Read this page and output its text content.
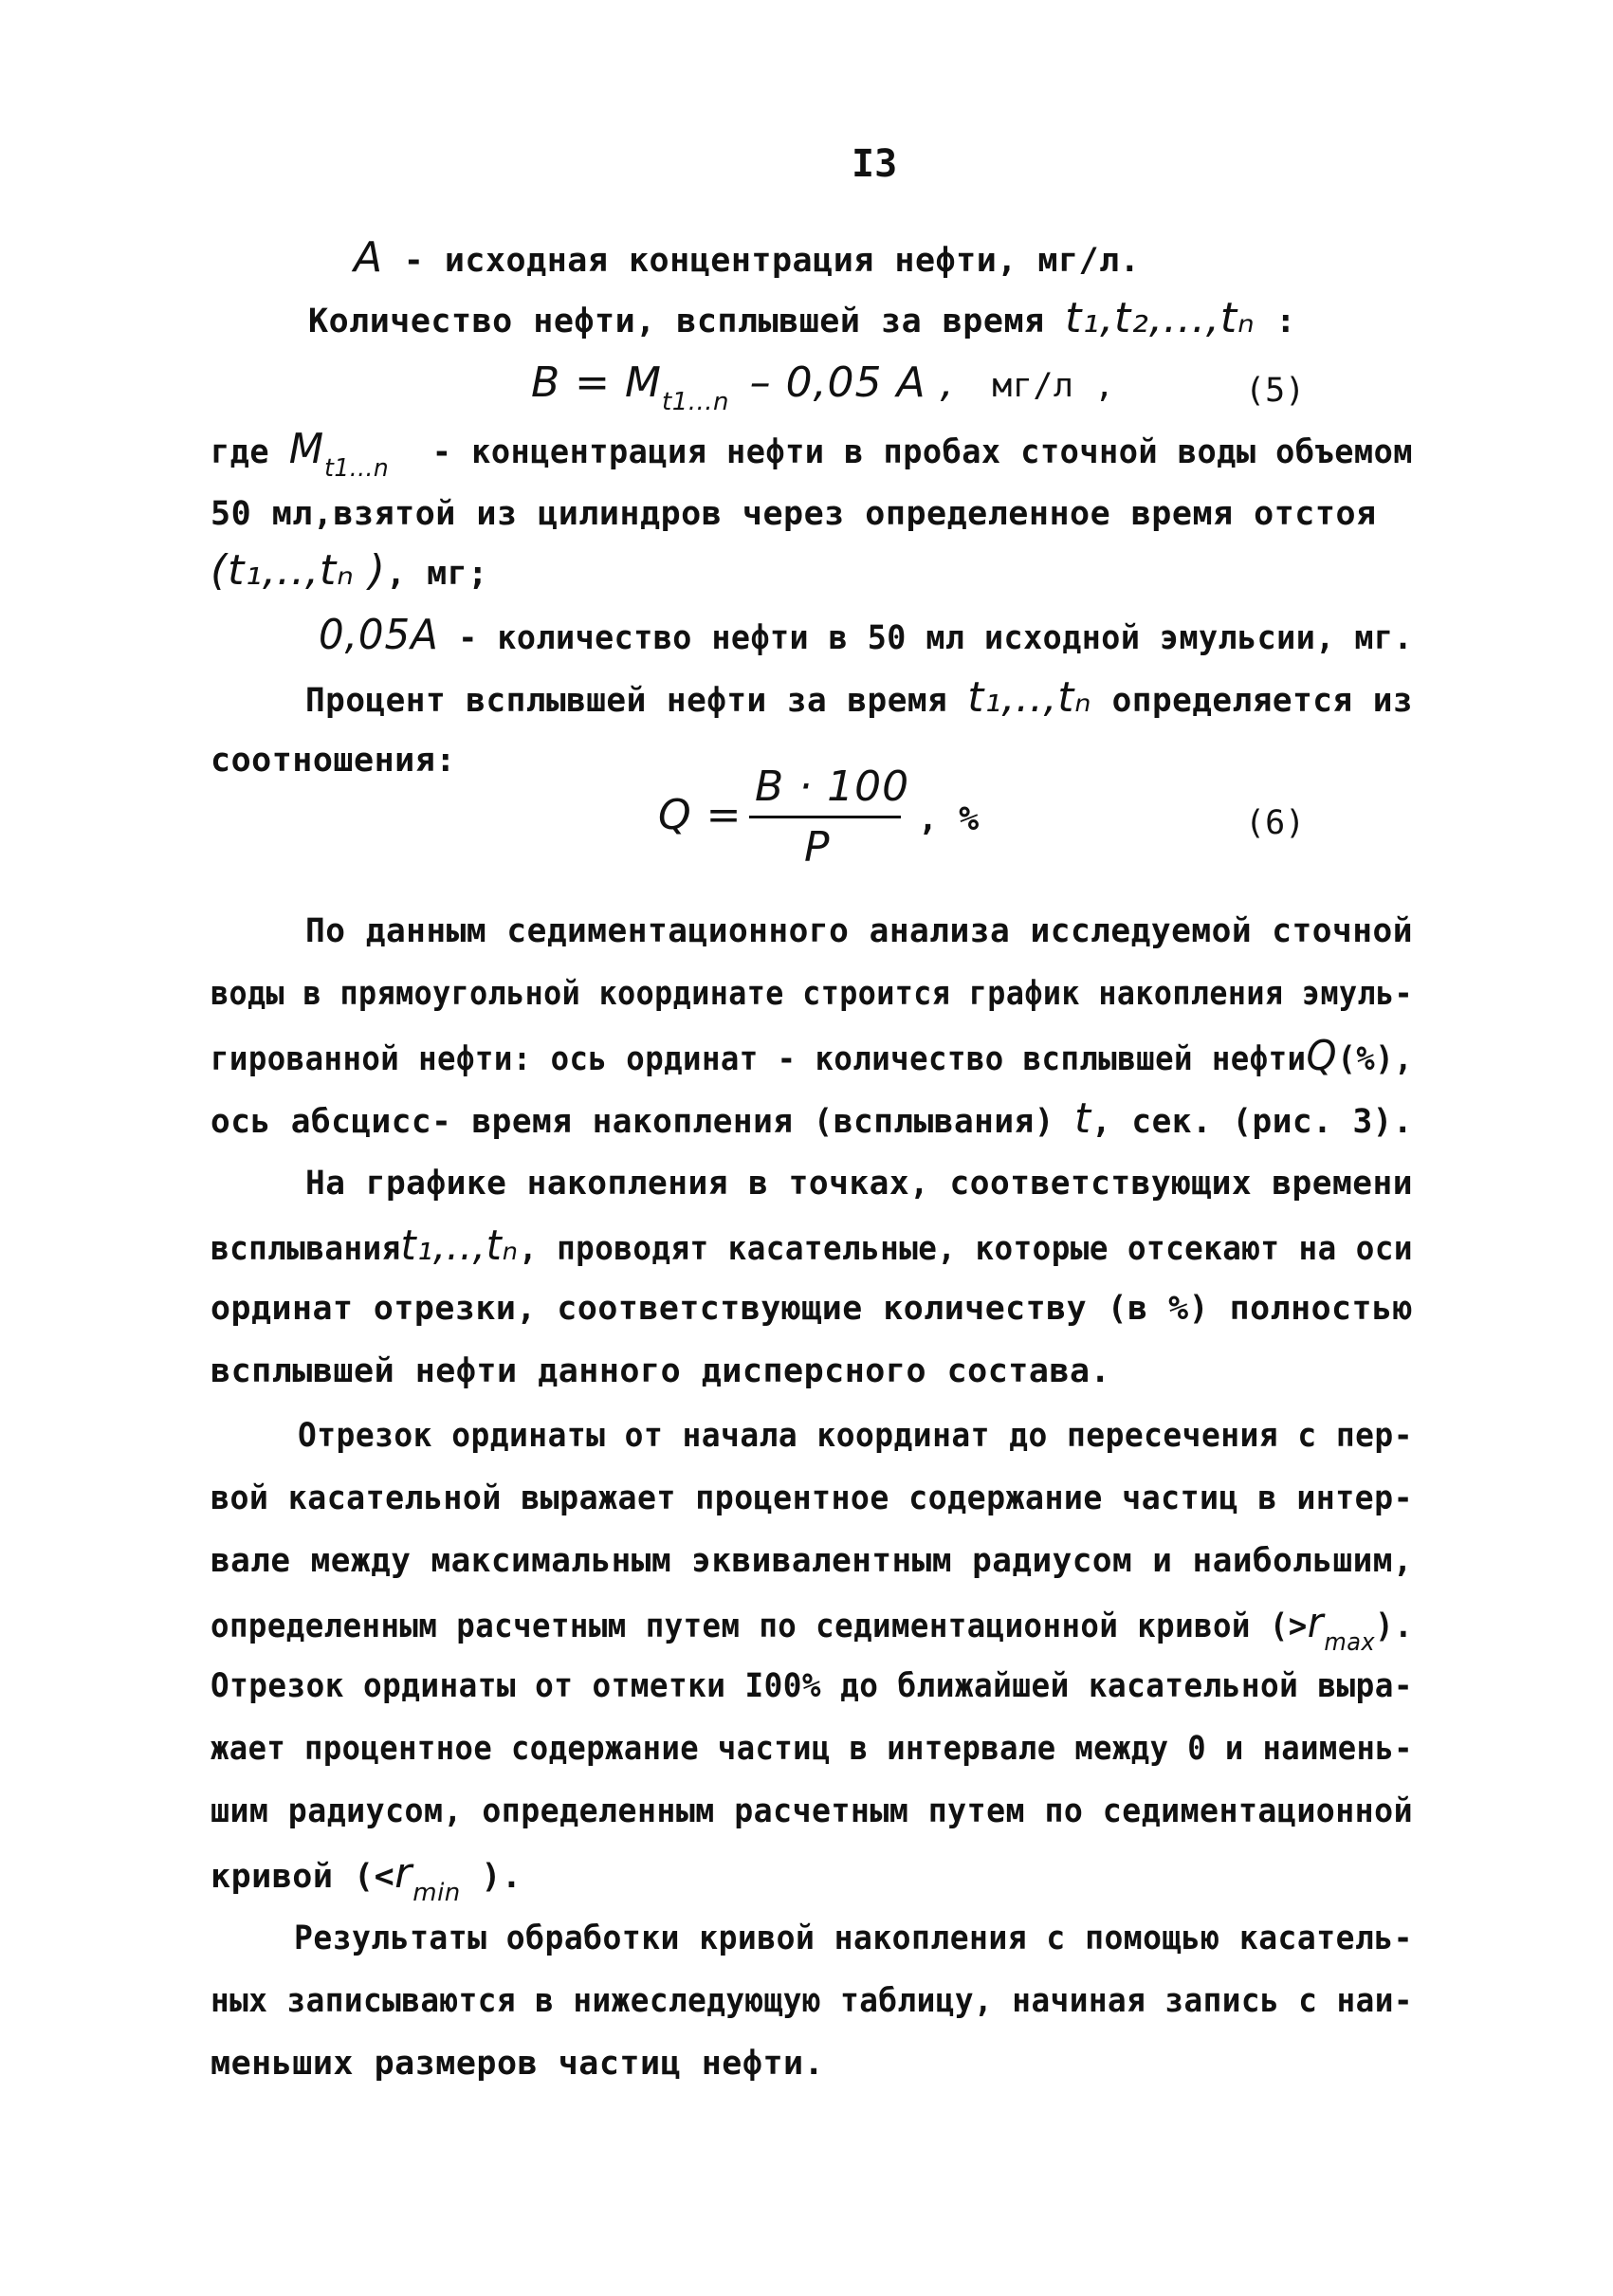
I3
A - исходная концентрация нефти, мг/л.
Количество нефти, всплывшей за время t₁,t₂,...,tₙ :
$B = M_{t1...n} - 0,05$ A , мг/л ,	(5)
где $M_{t1...n}$ - концентрация нефти в пробах сточной воды объемом
50 мл,взятой из цилиндров через определенное время отстоя
(t₁,..,tₙ ), мг;
0,05A - количество нефти в 50 мл исходной эмульсии, мг.
Процент всплывшей нефти за время t₁,..,tₙ определяется из
соотношения:
Q =
B · 100
P
, %	(6)
По данным седиментационного анализа исследуемой сточной
воды в прямоугольной координате строится график накопления эмуль-
гированной нефти: ось ординат - количество всплывшей нефтиQ(%),
ось абсцисс- время накопления (всплывания) t, сек. (рис. 3).
На графике накопления в точках, соответствующих времени
всплыванияt₁,..,tₙ, проводят касательные, которые отсекают на оси
ординат отрезки, соответствующие количеству (в %) полностью
всплывшей нефти данного дисперсного состава.
Отрезок ординаты от начала координат до пересечения с пер-
вой касательной выражает процентное содержание частиц в интер-
вале между максимальным эквивалентным радиусом и наибольшим,
определенным расчетным путем по седиментационной кривой $(>r_{max})$.
Отрезок ординаты от отметки I00% до ближайшей касательной выра-
жает процентное содержание частиц в интервале между 0 и наимень-
шим радиусом, определенным расчетным путем по седиментационной
кривой ($<r_{min}$ ).
Результаты обработки кривой накопления с помощью касатель-
ных записываются в нижеследующую таблицу, начиная запись с наи-
меньших размеров частиц нефти.
